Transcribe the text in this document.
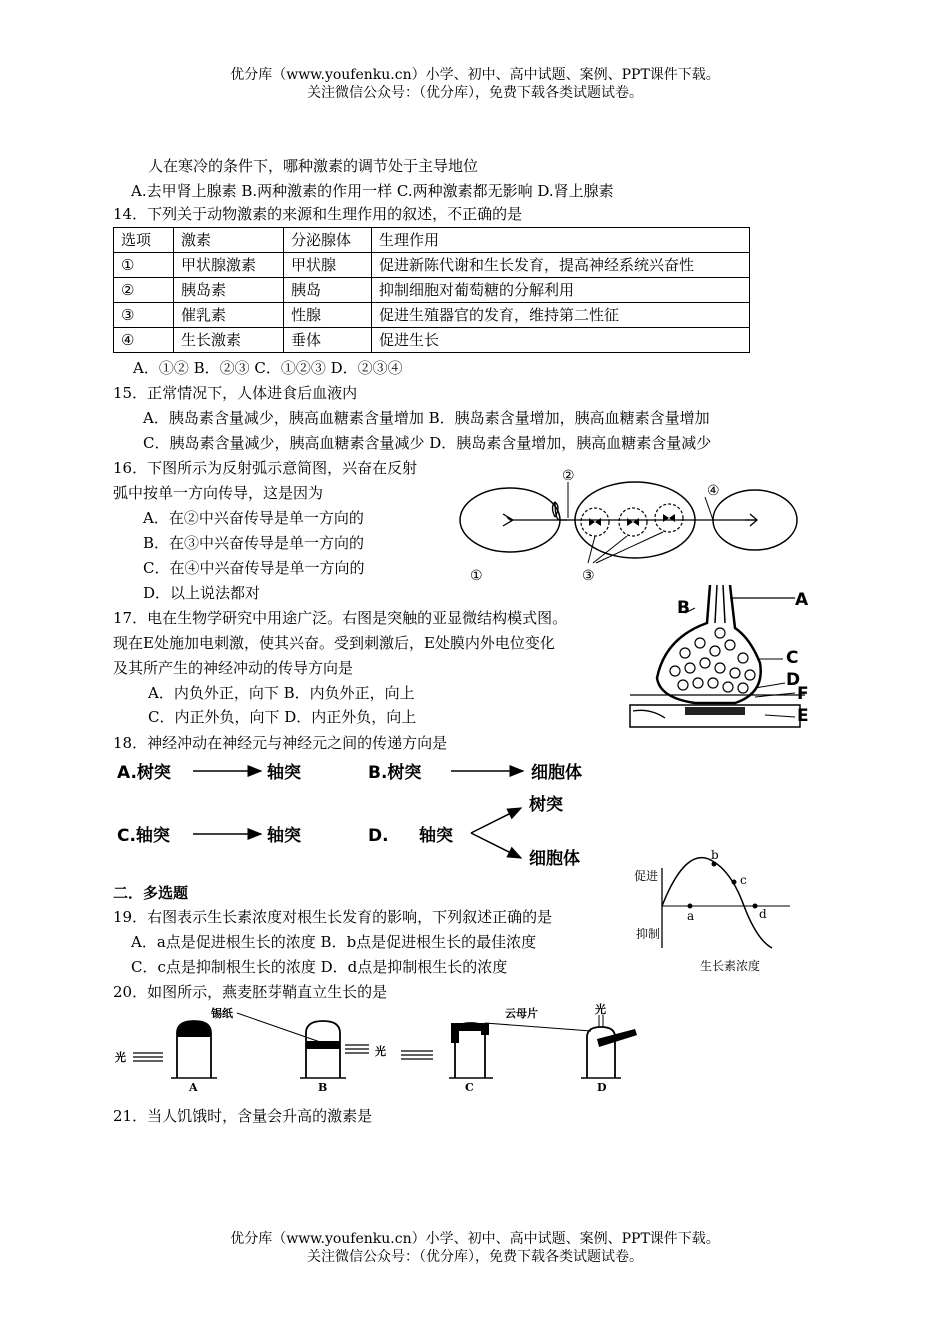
优分库（www.youfenku.cn）小学、初中、高中试题、案例、PPT课件下载。
关注微信公众号：（优分库），免费下载各类试题试卷。
人在寒冷的条件下，哪种激素的调节处于主导地位
A.去甲肾上腺素 B.两种激素的作用一样 C.两种激素都无影响 D.肾上腺素
14．下列关于动物激素的来源和生理作用的叙述，不正确的是
选项	激素	分泌腺体	生理作用
①	甲状腺激素	甲状腺	促进新陈代谢和生长发育，提高神经系统兴奋性
②	胰岛素	胰岛	抑制细胞对葡萄糖的分解利用
③	催乳素	性腺	促进生殖器官的发育，维持第二性征
④	生长激素	垂体	促进生长
A．①② B．②③ C．①②③ D．②③④
15．正常情况下，人体进食后血液内
A．胰岛素含量减少，胰高血糖素含量增加 B．胰岛素含量增加，胰高血糖素含量增加
C．胰岛素含量减少，胰高血糖素含量减少 D．胰岛素含量增加，胰高血糖素含量减少
16．下图所示为反射弧示意简图，兴奋在反射
弧中按单一方向传导，这是因为
A．在②中兴奋传导是单一方向的
B．在③中兴奋传导是单一方向的
C．在④中兴奋传导是单一方向的
D．以上说法都对
②
④
③
①
17．电在生物学研究中用途广泛。右图是突触的亚显微结构模式图。
现在E处施加电刺激，使其兴奋。受到刺激后，E处膜内外电位变化
及其所产生的神经冲动的传导方向是
A．内负外正，向下 B．内负外正，向上
C．内正外负，向下 D．内正外负，向上
A
B
C
D
F
E
18．神经冲动在神经元与神经元之间的传递方向是
A.树突	轴突	B.树突	细胞体
C.轴突	轴突	D. 轴突
树突
细胞体
二．多选题
19．右图表示生长素浓度对根生长发育的影响，下列叙述正确的是
A．a点是促进根生长的浓度 B．b点是促进根生长的最佳浓度
C．c点是抑制根生长的浓度 D．d点是抑制根生长的浓度
促进
抑制
生长素浓度
a
b
c
d
20．如图所示，燕麦胚芽鞘直立生长的是
光
A
锡纸
B
光
C
云母片	光
D
21．当人饥饿时，含量会升高的激素是
优分库（www.youfenku.cn）小学、初中、高中试题、案例、PPT课件下载。
关注微信公众号：（优分库），免费下载各类试题试卷。
